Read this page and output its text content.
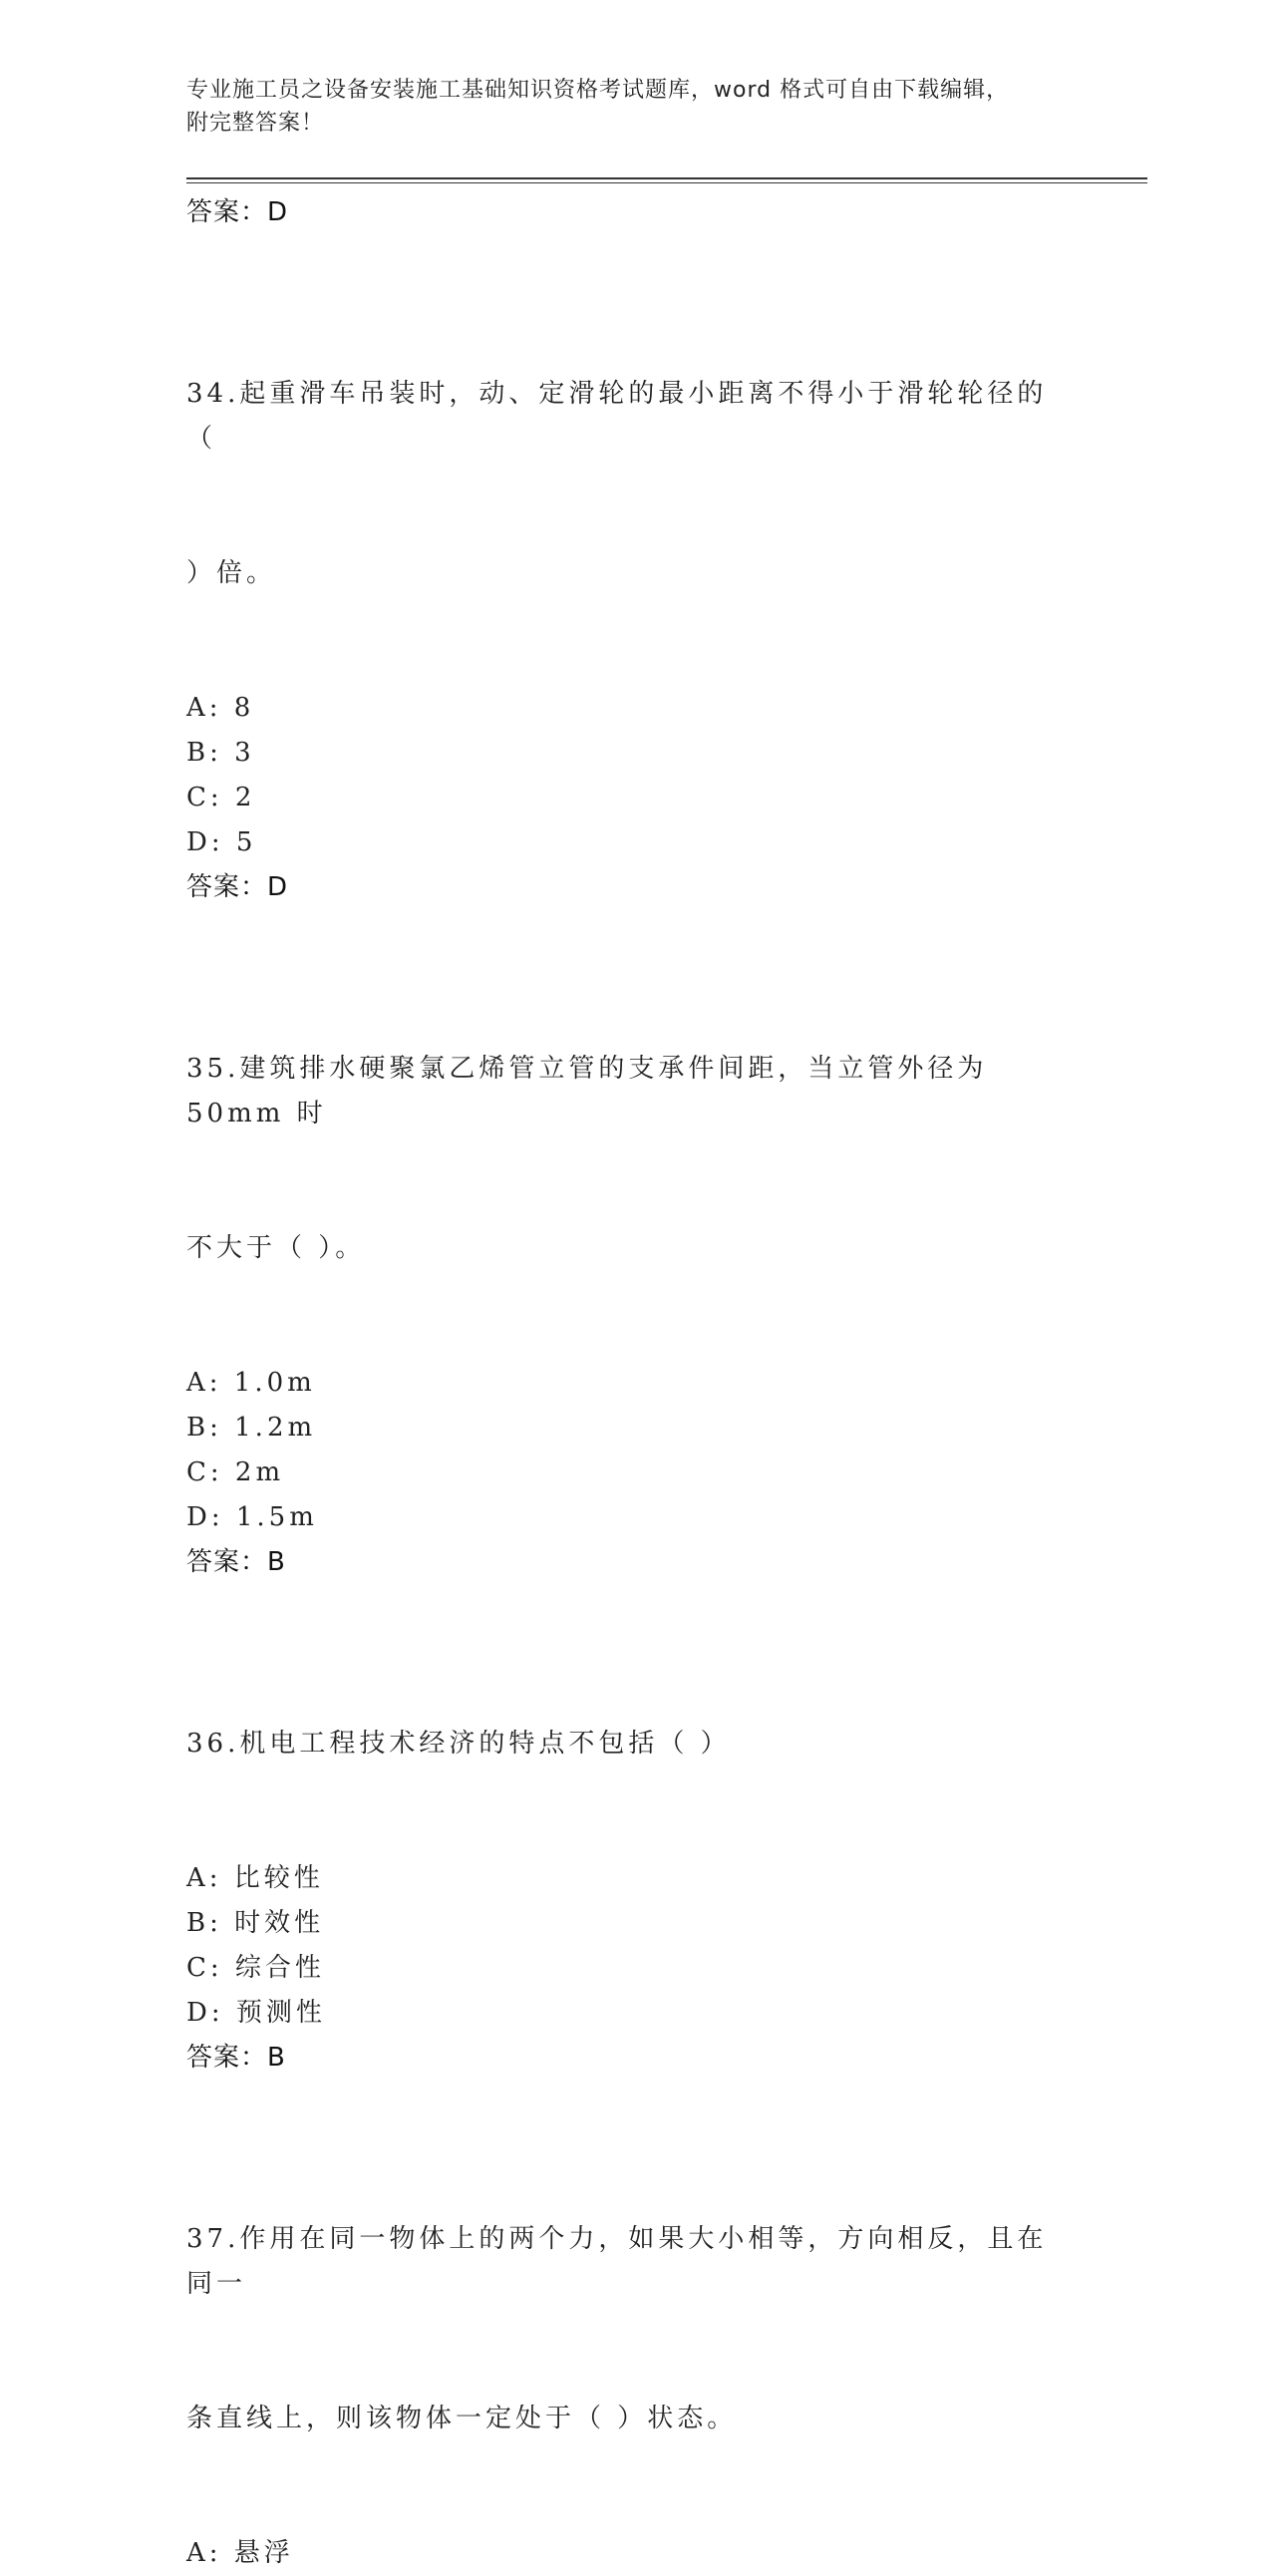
专业施工员之设备安装施工基础知识资格考试题库，word 格式可自由下载编辑，
附完整答案！
答案：D

34.起重滑车吊装时，动、定滑轮的最小距离不得小于滑轮轮径的（

）倍。

A: 8
B: 3
C: 2
D: 5
答案：D

35.建筑排水硬聚氯乙烯管立管的支承件间距，当立管外径为 50mm 时

不大于（ ）。

A: 1.0m
B: 1.2m
C: 2m
D: 1.5m
答案：B

36.机电工程技术经济的特点不包括（ ）

A: 比较性
B: 时效性
C: 综合性
D: 预测性
答案：B

37.作用在同一物体上的两个力，如果大小相等，方向相反，且在同一

条直线上，则该物体一定处于（ ）状态。

A: 悬浮
